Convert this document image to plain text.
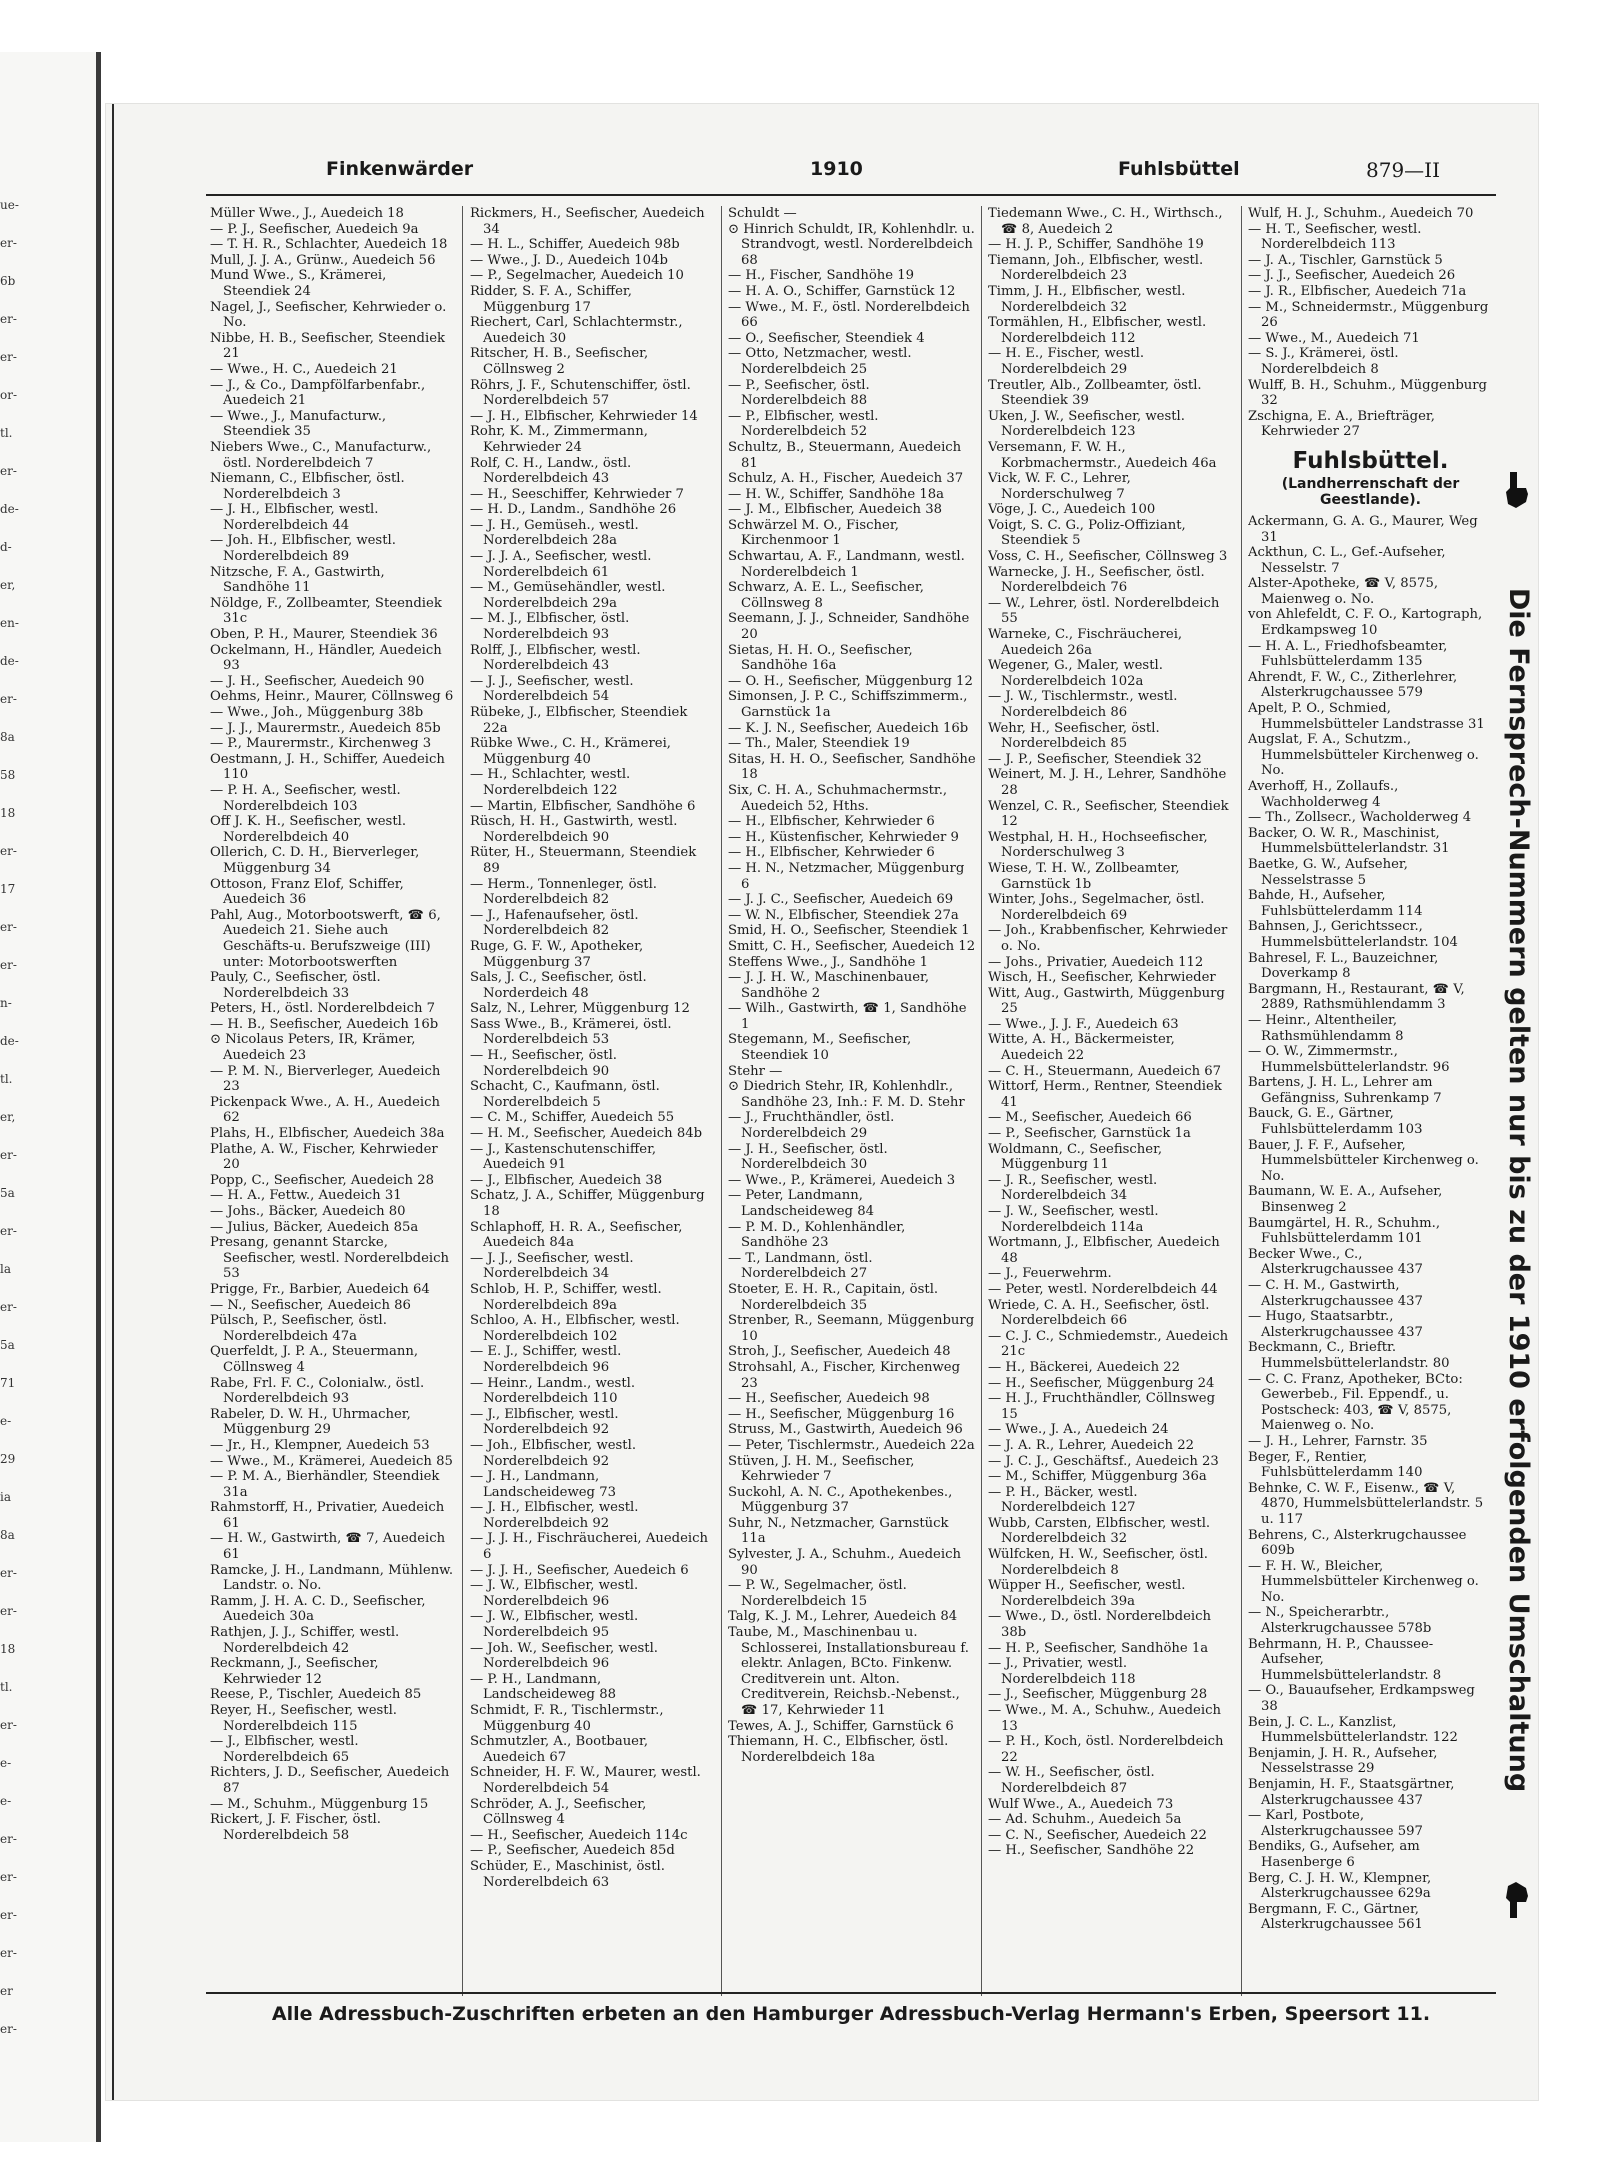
ue-
er-
6b
er-
er-
or-
tl.
er-
de-
d-
er,
en-
de-
er-
8a
58
18
er-
17
er-
er-
n-
de-
tl.
er,
er-
5a
er-
la
er-
5a
71
e-
29
ia
8a
er-
er-
18
tl.
er-
e-
e-
er-
er-
er-
er-
er
er-
Finkenwärder	1910	Fuhlsbüttel	879—II
Müller Wwe., J., Auedeich 18
— P. J., Seefischer, Auedeich 9a
— T. H. R., Schlachter, Auedeich 18
Mull, J. J. A., Grünw., Auedeich 56
Mund Wwe., S., Krämerei, Steendiek 24
Nagel, J., Seefischer, Kehrwieder o. No.
Nibbe, H. B., Seefischer, Steendiek 21
— Wwe., H. C., Auedeich 21
— J., & Co., Dampfölfarbenfabr., Auedeich 21
— Wwe., J., Manufacturw., Steendiek 35
Niebers Wwe., C., Manufacturw., östl. Norderelbdeich 7
Niemann, C., Elbfischer, östl. Norderelbdeich 3
— J. H., Elbfischer, westl. Norderelbdeich 44
— Joh. H., Elbfischer, westl. Norderelbdeich 89
Nitzsche, F. A., Gastwirth, Sandhöhe 11
Nöldge, F., Zollbeamter, Steendiek 31c
Oben, P. H., Maurer, Steendiek 36
Ockelmann, H., Händler, Auedeich 93
— J. H., Seefischer, Auedeich 90
Oehms, Heinr., Maurer, Cöllnsweg 6
— Wwe., Joh., Müggenburg 38b
— J. J., Maurermstr., Auedeich 85b
— P., Maurermstr., Kirchenweg 3
Oestmann, J. H., Schiffer, Auedeich 110
— P. H. A., Seefischer, westl. Norderelbdeich 103
Off J. K. H., Seefischer, westl. Norderelbdeich 40
Ollerich, C. D. H., Bierverleger, Müggenburg 34
Ottoson, Franz Elof, Schiffer, Auedeich 36
Pahl, Aug., Motorbootswerft, ☎ 6, Auedeich 21. Siehe auch Geschäfts-u. Berufszweige (III) unter: Motorbootswerften
Pauly, C., Seefischer, östl. Norderelbdeich 33
Peters, H., östl. Norderelbdeich 7
— H. B., Seefischer, Auedeich 16b
⊙ Nicolaus Peters, IR, Krämer, Auedeich 23
— P. M. N., Bierverleger, Auedeich 23
Pickenpack Wwe., A. H., Auedeich 62
Plahs, H., Elbfischer, Auedeich 38a
Plathe, A. W., Fischer, Kehrwieder 20
Popp, C., Seefischer, Auedeich 28
— H. A., Fettw., Auedeich 31
— Johs., Bäcker, Auedeich 80
— Julius, Bäcker, Auedeich 85a
Presang, genannt Starcke, Seefischer, westl. Norderelbdeich 53
Prigge, Fr., Barbier, Auedeich 64
— N., Seefischer, Auedeich 86
Pülsch, P., Seefischer, östl. Norderelbdeich 47a
Querfeldt, J. P. A., Steuermann, Cöllnsweg 4
Rabe, Frl. F. C., Colonialw., östl. Norderelbdeich 93
Rabeler, D. W. H., Uhrmacher, Müggenburg 29
— Jr., H., Klempner, Auedeich 53
— Wwe., M., Krämerei, Auedeich 85
— P. M. A., Bierhändler, Steendiek 31a
Rahmstorff, H., Privatier, Auedeich 61
— H. W., Gastwirth, ☎ 7, Auedeich 61
Ramcke, J. H., Landmann, Mühlenw. Landstr. o. No.
Ramm, J. H. A. C. D., Seefischer, Auedeich 30a
Rathjen, J. J., Schiffer, westl. Norderelbdeich 42
Reckmann, J., Seefischer, Kehrwieder 12
Reese, P., Tischler, Auedeich 85
Reyer, H., Seefischer, westl. Norderelbdeich 115
— J., Elbfischer, westl. Norderelbdeich 65
Richters, J. D., Seefischer, Auedeich 87
— M., Schuhm., Müggenburg 15
Rickert, J. F. Fischer, östl. Norderelbdeich 58
Rickmers, H., Seefischer, Auedeich 34
— H. L., Schiffer, Auedeich 98b
— Wwe., J. D., Auedeich 104b
— P., Segelmacher, Auedeich 10
Ridder, S. F. A., Schiffer, Müggenburg 17
Riechert, Carl, Schlachtermstr., Auedeich 30
Ritscher, H. B., Seefischer, Cöllnsweg 2
Röhrs, J. F., Schutenschiffer, östl. Norderelbdeich 57
— J. H., Elbfischer, Kehrwieder 14
Rohr, K. M., Zimmermann, Kehrwieder 24
Rolf, C. H., Landw., östl. Norderelbdeich 43
— H., Seeschiffer, Kehrwieder 7
— H. D., Landm., Sandhöhe 26
— J. H., Gemüseh., westl. Norderelbdeich 28a
— J. J. A., Seefischer, westl. Norderelbdeich 61
— M., Gemüsehändler, westl. Norderelbdeich 29a
— M. J., Elbfischer, östl. Norderelbdeich 93
Rolff, J., Elbfischer, westl. Norderelbdeich 43
— J. J., Seefischer, westl. Norderelbdeich 54
Rübeke, J., Elbfischer, Steendiek 22a
Rübke Wwe., C. H., Krämerei, Müggenburg 40
— H., Schlachter, westl. Norderelbdeich 122
— Martin, Elbfischer, Sandhöhe 6
Rüsch, H. H., Gastwirth, westl. Norderelbdeich 90
Rüter, H., Steuermann, Steendiek 89
— Herm., Tonnenleger, östl. Norderelbdeich 82
— J., Hafenaufseher, östl. Norderelbdeich 82
Ruge, G. F. W., Apotheker, Müggenburg 37
Sals, J. C., Seefischer, östl. Norderdeich 48
Salz, N., Lehrer, Müggenburg 12
Sass Wwe., B., Krämerei, östl. Norderelbdeich 53
— H., Seefischer, östl. Norderelbdeich 90
Schacht, C., Kaufmann, östl. Norderelbdeich 5
— C. M., Schiffer, Auedeich 55
— H. M., Seefischer, Auedeich 84b
— J., Kastenschutenschiffer, Auedeich 91
— J., Elbfischer, Auedeich 38
Schatz, J. A., Schiffer, Müggenburg 18
Schlaphoff, H. R. A., Seefischer, Auedeich 84a
— J. J., Seefischer, westl. Norderelbdeich 34
Schlob, H. P., Schiffer, westl. Norderelbdeich 89a
Schloo, A. H., Elbfischer, westl. Norderelbdeich 102
— E. J., Schiffer, westl. Norderelbdeich 96
— Heinr., Landm., westl. Norderelbdeich 110
— J., Elbfischer, westl. Norderelbdeich 92
— Joh., Elbfischer, westl. Norderelbdeich 92
— J. H., Landmann, Landscheideweg 73
— J. H., Elbfischer, westl. Norderelbdeich 92
— J. J. H., Fischräucherei, Auedeich 6
— J. J. H., Seefischer, Auedeich 6
— J. W., Elbfischer, westl. Norderelbdeich 96
— J. W., Elbfischer, westl. Norderelbdeich 95
— Joh. W., Seefischer, westl. Norderelbdeich 96
— P. H., Landmann, Landscheideweg 88
Schmidt, F. R., Tischlermstr., Müggenburg 40
Schmutzler, A., Bootbauer, Auedeich 67
Schneider, H. F. W., Maurer, westl. Norderelbdeich 54
Schröder, A. J., Seefischer, Cöllnsweg 4
— H., Seefischer, Auedeich 114c
— P., Seefischer, Auedeich 85d
Schüder, E., Maschinist, östl. Norderelbdeich 63
Schuldt —
⊙ Hinrich Schuldt, IR, Kohlenhdlr. u. Strandvogt, westl. Norderelbdeich 68
— H., Fischer, Sandhöhe 19
— H. A. O., Schiffer, Garnstück 12
— Wwe., M. F., östl. Norderelbdeich 66
— O., Seefischer, Steendiek 4
— Otto, Netzmacher, westl. Norderelbdeich 25
— P., Seefischer, östl. Norderelbdeich 88
— P., Elbfischer, westl. Norderelbdeich 52
Schultz, B., Steuermann, Auedeich 81
Schulz, A. H., Fischer, Auedeich 37
— H. W., Schiffer, Sandhöhe 18a
— J. M., Elbfischer, Auedeich 38
Schwärzel M. O., Fischer, Kirchenmoor 1
Schwartau, A. F., Landmann, westl. Norderelbdeich 1
Schwarz, A. E. L., Seefischer, Cöllnsweg 8
Seemann, J. J., Schneider, Sandhöhe 20
Sietas, H. H. O., Seefischer, Sandhöhe 16a
— O. H., Seefischer, Müggenburg 12
Simonsen, J. P. C., Schiffszimmerm., Garnstück 1a
— K. J. N., Seefischer, Auedeich 16b
— Th., Maler, Steendiek 19
Sitas, H. H. O., Seefischer, Sandhöhe 18
Six, C. H. A., Schuhmachermstr., Auedeich 52, Hths.
— H., Elbfischer, Kehrwieder 6
— H., Küstenfischer, Kehrwieder 9
— H., Elbfischer, Kehrwieder 6
— H. N., Netzmacher, Müggenburg 6
— J. J. C., Seefischer, Auedeich 69
— W. N., Elbfischer, Steendiek 27a
Smid, H. O., Seefischer, Steendiek 1
Smitt, C. H., Seefischer, Auedeich 12
Steffens Wwe., J., Sandhöhe 1
— J. J. H. W., Maschinenbauer, Sandhöhe 2
— Wilh., Gastwirth, ☎ 1, Sandhöhe 1
Stegemann, M., Seefischer, Steendiek 10
Stehr —
⊙ Diedrich Stehr, IR, Kohlenhdlr., Sandhöhe 23, Inh.: F. M. D. Stehr
— J., Fruchthändler, östl. Norderelbdeich 29
— J. H., Seefischer, östl. Norderelbdeich 30
— Wwe., P., Krämerei, Auedeich 3
— Peter, Landmann, Landscheideweg 84
— P. M. D., Kohlenhändler, Sandhöhe 23
— T., Landmann, östl. Norderelbdeich 27
Stoeter, E. H. R., Capitain, östl. Norderelbdeich 35
Strenber, R., Seemann, Müggenburg 10
Stroh, J., Seefischer, Auedeich 48
Strohsahl, A., Fischer, Kirchenweg 23
— H., Seefischer, Auedeich 98
— H., Seefischer, Müggenburg 16
Struss, M., Gastwirth, Auedeich 96
— Peter, Tischlermstr., Auedeich 22a
Stüven, J. H. M., Seefischer, Kehrwieder 7
Suckohl, A. N. C., Apothekenbes., Müggenburg 37
Suhr, N., Netzmacher, Garnstück 11a
Sylvester, J. A., Schuhm., Auedeich 90
— P. W., Segelmacher, östl. Norderelbdeich 15
Talg, K. J. M., Lehrer, Auedeich 84
Taube, M., Maschinenbau u. Schlosserei, Installationsbureau f. elektr. Anlagen, BCto. Finkenw. Creditverein unt. Alton. Creditverein, Reichsb.-Nebenst., ☎ 17, Kehrwieder 11
Tewes, A. J., Schiffer, Garnstück 6
Thiemann, H. C., Elbfischer, östl. Norderelbdeich 18a
Tiedemann Wwe., C. H., Wirthsch., ☎ 8, Auedeich 2
— H. J. P., Schiffer, Sandhöhe 19
Tiemann, Joh., Elbfischer, westl. Norderelbdeich 23
Timm, J. H., Elbfischer, westl. Norderelbdeich 32
Tormählen, H., Elbfischer, westl. Norderelbdeich 112
— H. E., Fischer, westl. Norderelbdeich 29
Treutler, Alb., Zollbeamter, östl. Steendiek 39
Uken, J. W., Seefischer, westl. Norderelbdeich 123
Versemann, F. W. H., Korbmachermstr., Auedeich 46a
Vick, W. F. C., Lehrer, Norderschulweg 7
Vöge, J. C., Auedeich 100
Voigt, S. C. G., Poliz-Offiziant, Steendiek 5
Voss, C. H., Seefischer, Cöllnsweg 3
Warnecke, J. H., Seefischer, östl. Norderelbdeich 76
— W., Lehrer, östl. Norderelbdeich 55
Warneke, C., Fischräucherei, Auedeich 26a
Wegener, G., Maler, westl. Norderelbdeich 102a
— J. W., Tischlermstr., westl. Norderelbdeich 86
Wehr, H., Seefischer, östl. Norderelbdeich 85
— J. P., Seefischer, Steendiek 32
Weinert, M. J. H., Lehrer, Sandhöhe 28
Wenzel, C. R., Seefischer, Steendiek 12
Westphal, H. H., Hochseefischer, Norderschulweg 3
Wiese, T. H. W., Zollbeamter, Garnstück 1b
Winter, Johs., Segelmacher, östl. Norderelbdeich 69
— Joh., Krabbenfischer, Kehrwieder o. No.
— Johs., Privatier, Auedeich 112
Wisch, H., Seefischer, Kehrwieder
Witt, Aug., Gastwirth, Müggenburg 25
— Wwe., J. J. F., Auedeich 63
Witte, A. H., Bäckermeister, Auedeich 22
— C. H., Steuermann, Auedeich 67
Wittorf, Herm., Rentner, Steendiek 41
— M., Seefischer, Auedeich 66
— P., Seefischer, Garnstück 1a
Woldmann, C., Seefischer, Müggenburg 11
— J. R., Seefischer, westl. Norderelbdeich 34
— J. W., Seefischer, westl. Norderelbdeich 114a
Wortmann, J., Elbfischer, Auedeich 48
— J., Feuerwehrm.
— Peter, westl. Norderelbdeich 44
Wriede, C. A. H., Seefischer, östl. Norderelbdeich 66
— C. J. C., Schmiedemstr., Auedeich 21c
— H., Bäckerei, Auedeich 22
— H., Seefischer, Müggenburg 24
— H. J., Fruchthändler, Cöllnsweg 15
— Wwe., J. A., Auedeich 24
— J. A. R., Lehrer, Auedeich 22
— J. C. J., Geschäftsf., Auedeich 23
— M., Schiffer, Müggenburg 36a
— P. H., Bäcker, westl. Norderelbdeich 127
Wubb, Carsten, Elbfischer, westl. Norderelbdeich 32
Wülfcken, H. W., Seefischer, östl. Norderelbdeich 8
Wüpper H., Seefischer, westl. Norderelbdeich 39a
— Wwe., D., östl. Norderelbdeich 38b
— H. P., Seefischer, Sandhöhe 1a
— J., Privatier, westl. Norderelbdeich 118
— J., Seefischer, Müggenburg 28
— Wwe., M. A., Schuhw., Auedeich 13
— P. H., Koch, östl. Norderelbdeich 22
— W. H., Seefischer, östl. Norderelbdeich 87
Wulf Wwe., A., Auedeich 73
— Ad. Schuhm., Auedeich 5a
— C. N., Seefischer, Auedeich 22
— H., Seefischer, Sandhöhe 22
Wulf, H. J., Schuhm., Auedeich 70
— H. T., Seefischer, westl. Norderelbdeich 113
— J. A., Tischler, Garnstück 5
— J. J., Seefischer, Auedeich 26
— J. R., Elbfischer, Auedeich 71a
— M., Schneidermstr., Müggenburg 26
— Wwe., M., Auedeich 71
— S. J., Krämerei, östl. Norderelbdeich 8
Wulff, B. H., Schuhm., Müggenburg 32
Zschigna, E. A., Briefträger, Kehrwieder 27
Fuhlsbüttel.
(Landherrenschaft der Geestlande).
Ackermann, G. A. G., Maurer, Weg 31
Ackthun, C. L., Gef.-Aufseher, Nesselstr. 7
Alster-Apotheke, ☎ V, 8575, Maienweg o. No.
von Ahlefeldt, C. F. O., Kartograph, Erdkampsweg 10
— H. A. L., Friedhofsbeamter, Fuhlsbüttelerdamm 135
Ahrendt, F. W., C., Zitherlehrer, Alsterkrugchaussee 579
Apelt, P. O., Schmied, Hummelsbütteler Landstrasse 31
Augslat, F. A., Schutzm., Hummelsbütteler Kirchenweg o. No.
Averhoff, H., Zollaufs., Wachholderweg 4
— Th., Zollsecr., Wacholderweg 4
Backer, O. W. R., Maschinist, Hummelsbüttelerlandstr. 31
Baetke, G. W., Aufseher, Nesselstrasse 5
Bahde, H., Aufseher, Fuhlsbüttelerdamm 114
Bahnsen, J., Gerichtssecr., Hummelsbüttelerlandstr. 104
Bahresel, F. L., Bauzeichner, Doverkamp 8
Bargmann, H., Restaurant, ☎ V, 2889, Rathsmühlendamm 3
— Heinr., Altentheiler, Rathsmühlendamm 8
— O. W., Zimmermstr., Hummelsbüttelerlandstr. 96
Bartens, J. H. L., Lehrer am Gefängniss, Suhrenkamp 7
Bauck, G. E., Gärtner, Fuhlsbüttelerdamm 103
Bauer, J. F. F., Aufseher, Hummelsbütteler Kirchenweg o. No.
Baumann, W. E. A., Aufseher, Binsenweg 2
Baumgärtel, H. R., Schuhm., Fuhlsbüttelerdamm 101
Becker Wwe., C., Alsterkrugchaussee 437
— C. H. M., Gastwirth, Alsterkrugchaussee 437
— Hugo, Staatsarbtr., Alsterkrugchaussee 437
Beckmann, C., Brieftr. Hummelsbüttelerlandstr. 80
— C. C. Franz, Apotheker, BCto: Gewerbeb., Fil. Eppendf., u. Postscheck: 403, ☎ V, 8575, Maienweg o. No.
— J. H., Lehrer, Farnstr. 35
Beger, F., Rentier, Fuhlsbüttelerdamm 140
Behnke, C. W. F., Eisenw., ☎ V, 4870, Hummelsbüttelerlandstr. 5 u. 117
Behrens, C., Alsterkrugchaussee 609b
— F. H. W., Bleicher, Hummelsbütteler Kirchenweg o. No.
— N., Speicherarbtr., Alsterkrugchaussee 578b
Behrmann, H. P., Chaussee-Aufseher, Hummelsbüttelerlandstr. 8
— O., Bauaufseher, Erdkampsweg 38
Bein, J. C. L., Kanzlist, Hummelsbüttelerlandstr. 122
Benjamin, J. H. R., Aufseher, Nesselstrasse 29
Benjamin, H. F., Staatsgärtner, Alsterkrugchaussee 437
— Karl, Postbote, Alsterkrugchaussee 597
Bendiks, G., Aufseher, am Hasenberge 6
Berg, C. J. H. W., Klempner, Alsterkrugchaussee 629a
Bergmann, F. C., Gärtner, Alsterkrugchaussee 561
Die Fernsprech-Nummern gelten nur bis zu der 1910 erfolgenden Umschaltung
Alle Adressbuch-Zuschriften erbeten an den Hamburger Adressbuch-Verlag Hermann's Erben, Speersort 11.
